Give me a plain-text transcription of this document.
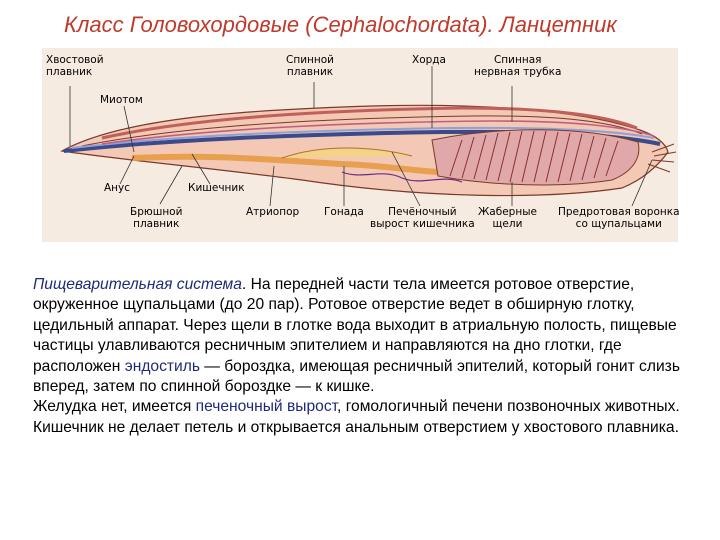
Класс Головохордовые (Cephalochordata). Ланцетник
Хвостовой
плавник
Миотом
Спинной
плавник
Хорда	Спинная
нервная трубка
Анус	Кишечник
Брюшной
плавник
Атриопор Гонада	Печёночный
вырост кишечника
Жаберные
щели
Предротовая воронка
со щупальцами

Пищеварительная система. На передней части тела имеется ротовое отверстие, окруженное щупальцами (до 20 пар). Ротовое отверстие ведет в обширную глотку, цедильный аппарат. Через щели в глотке вода выходит в атриальную полость, пищевые частицы улавливаются ресничным эпителием и направляются на дно глотки, где расположен эндостиль — бороздка, имеющая ресничный эпителий, который гонит слизь вперед, затем по спинной бороздке — к кишке.

Желудка нет, имеется печеночный вырост, гомологичный печени позвоночных животных. Кишечник не делает петель и открывается анальным отверстием у хвостового плавника.
